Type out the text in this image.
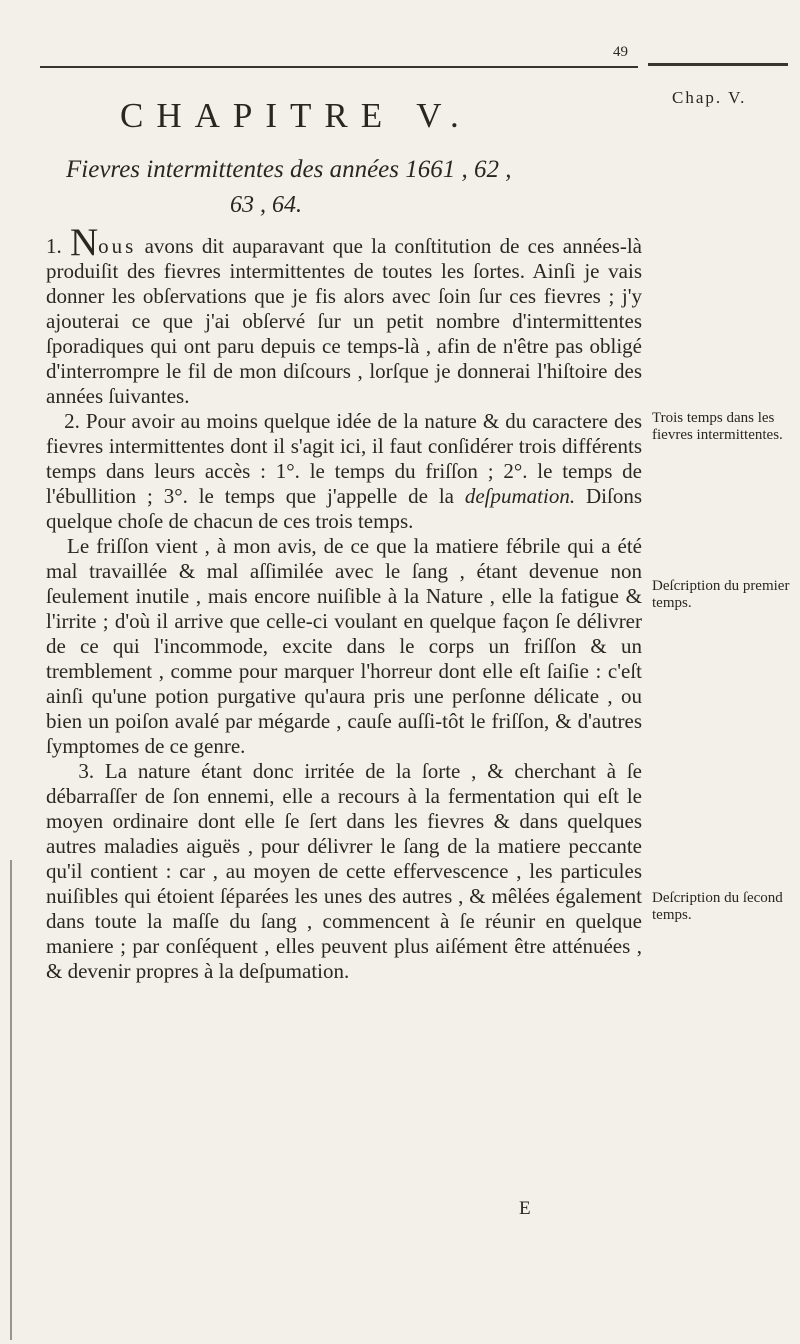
49
Chap. V.
CHAPITRE V.
Fievres intermittentes des années 1661 , 62 ,
63 , 64.

1. Nous avons dit auparavant que la conſtitution de ces années-là produiſit des fievres intermittentes de toutes les ſortes. Ainſi je vais donner les obſervations que je fis alors avec ſoin ſur ces fievres ; j'y ajouterai ce que j'ai obſervé ſur un petit nombre d'intermittentes ſporadiques qui ont paru depuis ce temps-là , afin de n'être pas obligé d'interrompre le fil de mon diſcours , lorſque je donnerai l'hiſtoire des années ſuivantes.

2. Pour avoir au moins quelque idée de la nature & du caractere des fievres intermittentes dont il s'agit ici, il faut conſidérer trois différents temps dans leurs accès : 1°. le temps du friſſon ; 2°. le temps de l'ébullition ; 3°. le temps que j'appelle de la deſpumation. Diſons quelque choſe de chacun de ces trois temps.

Le friſſon vient , à mon avis, de ce que la matiere fébrile qui a été mal travaillée & mal aſſimilée avec le ſang , étant devenue non ſeulement inutile , mais encore nuiſible à la Nature , elle la fatigue & l'irrite ; d'où il arrive que celle-ci voulant en quelque façon ſe délivrer de ce qui l'incommode, excite dans le corps un friſſon & un tremblement , comme pour marquer l'horreur dont elle eſt ſaiſie : c'eſt ainſi qu'une potion purgative qu'aura pris une perſonne délicate , ou bien un poiſon avalé par mégarde , cauſe auſſi-tôt le friſſon, & d'autres ſymptomes de ce genre.

3. La nature étant donc irritée de la ſorte , & cherchant à ſe débarraſſer de ſon ennemi, elle a recours à la fermentation qui eſt le moyen ordinaire dont elle ſe ſert dans les fievres & dans quelques autres maladies aiguës , pour délivrer le ſang de la matiere peccante qu'il contient : car , au moyen de cette effervescence , les particules nuiſibles qui étoient ſéparées les unes des autres , & mêlées également dans toute la maſſe du ſang , commencent à ſe réunir en quelque maniere ; par conſéquent , elles peuvent plus aiſément être atténuées , & devenir propres à la deſpumation.

Trois temps dans les fievres intermittentes.
Deſcription du premier temps.
Deſcription du ſecond temps.
E
